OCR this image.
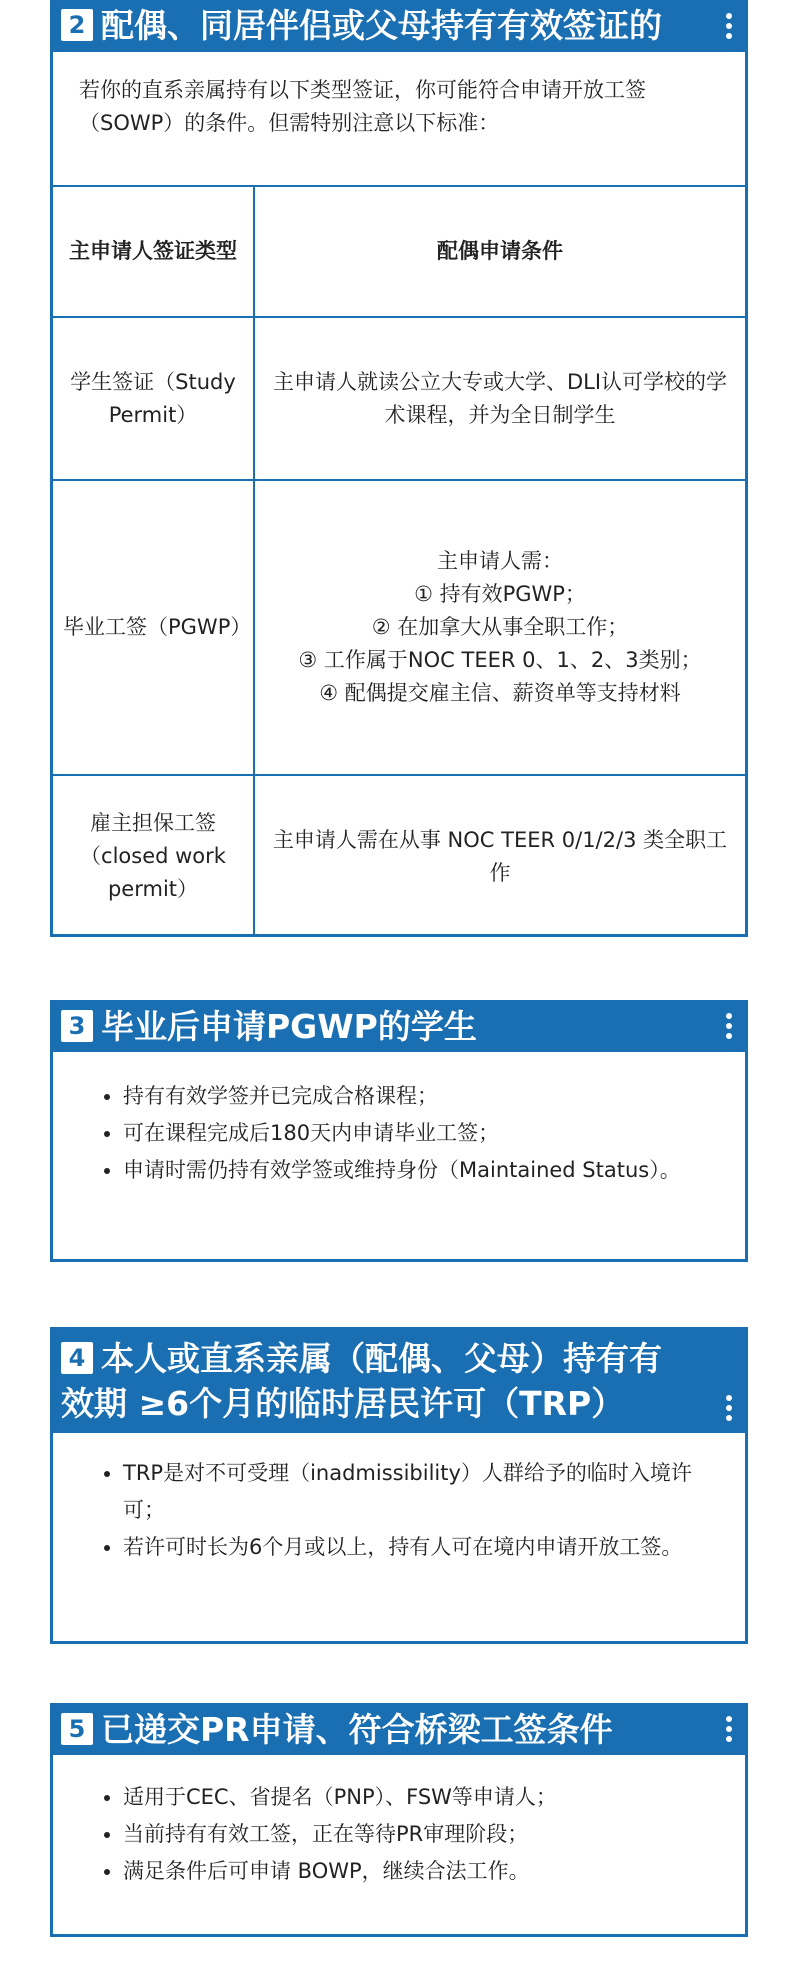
2 配偶、同居伴侣或父母持有有效签证的
若你的直系亲属持有以下类型签证，你可能符合申请开放工签（SOWP）的条件。但需特别注意以下标准：
主申请人签证类型	配偶申请条件
学生签证（Study Permit）	主申请人就读公立大专或大学、DLI认可学校的学术课程，并为全日制学生
毕业工签（PGWP）	主申请人需：
① 持有效PGWP；
② 在加拿大从事全职工作；
③ 工作属于NOC TEER 0、1、2、3类别；
④ 配偶提交雇主信、薪资单等支持材料

雇主担保工签（closed work permit）	主申请人需在从事 NOC TEER 0/1/2/3 类全职工作
3 毕业后申请PGWP的学生
• 持有有效学签并已完成合格课程；
• 可在课程完成后180天内申请毕业工签；
• 申请时需仍持有效学签或维持身份（Maintained Status）。
4 本人或直系亲属（配偶、父母）持有有效期 ≥6个月的临时居民许可（TRP）
• TRP是对不可受理（inadmissibility）人群给予的临时入境许可；
• 若许可时长为6个月或以上，持有人可在境内申请开放工签。
5 已递交PR申请、符合桥梁工签条件
• 适用于CEC、省提名（PNP）、FSW等申请人；
• 当前持有有效工签，正在等待PR审理阶段；
• 满足条件后可申请 BOWP，继续合法工作。
